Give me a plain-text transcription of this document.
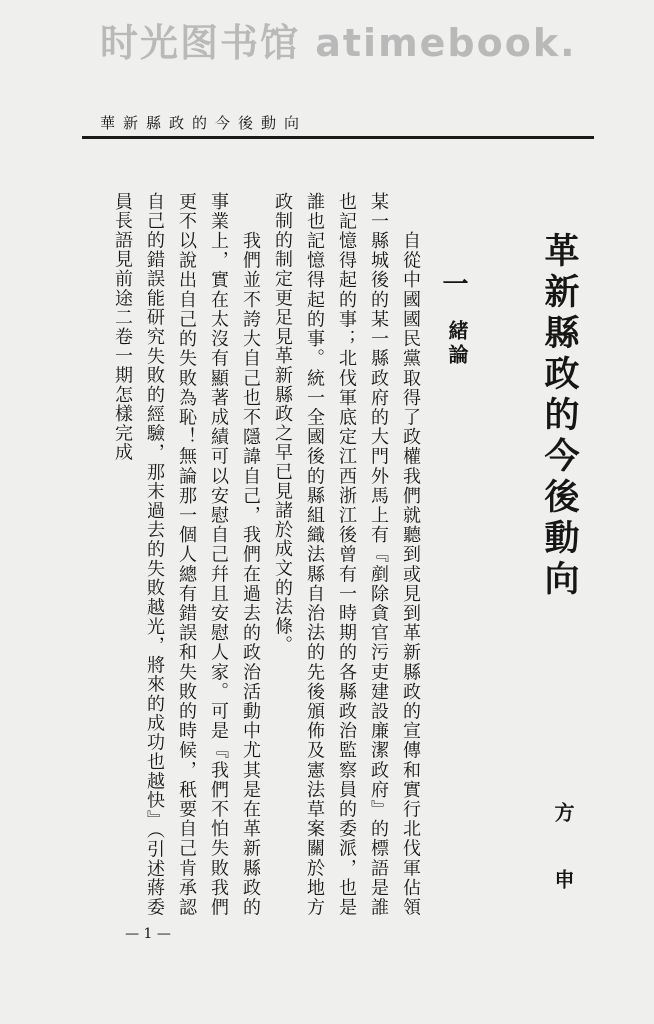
时光图书馆 atimebook.
華新縣政的今後動向
革新縣政的今後動向
方 申
一
緒論

　　自從中國國民黨取得了政權我們就聽到或見到革新縣政的宣傳和實行北伐軍佔領某一縣城後的某一縣政府的大門外馬上有『剷除貪官污吏建設廉潔政府』的標語是誰也記憶得起的事；北伐軍底定江西浙江後曾有一時期的各縣政治監察員的委派，也是誰也記憶得起的事。統一全國後的縣組織法縣自治法的先後頒佈及憲法草案關於地方政制的制定更足見革新縣政之早已見諸於成文的法條。

　　我們並不誇大自己也不隱諱自己，我們在過去的政治活動中尤其是在革新縣政的事業上，實在太沒有顯著成績可以安慰自己幷且安慰人家。可是『我們不怕失敗我們更不以說出自己的失敗為恥！無論那一個人總有錯誤和失敗的時候，秖要自己肯承認自己的錯誤能研究失敗的經驗，那末過去的失敗越光，將來的成功也越快』（引述蔣委員長語見前途二卷一期怎樣完成

— 1 —
